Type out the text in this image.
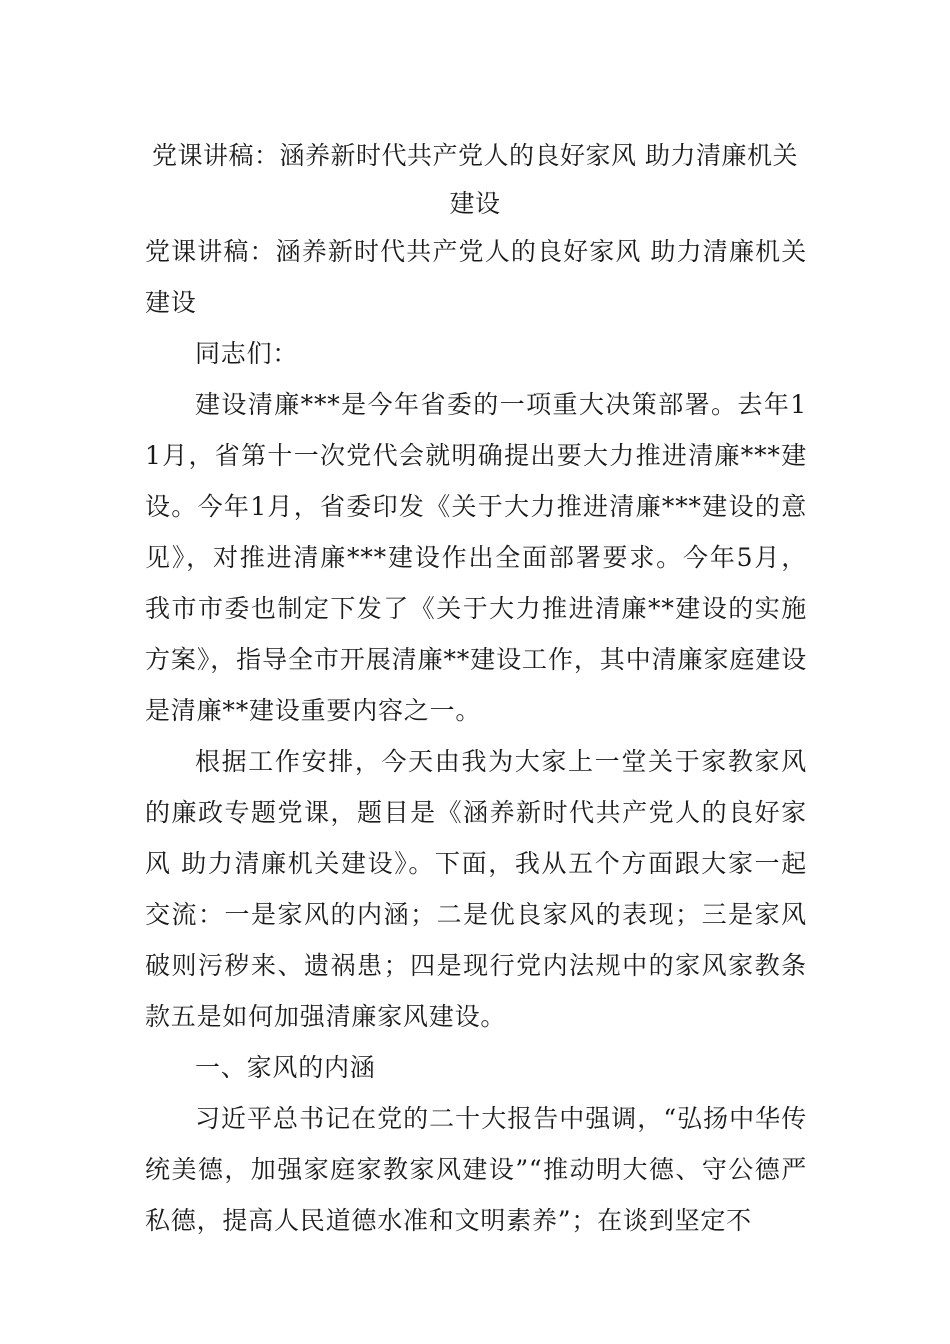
党课讲稿：涵养新时代共产党人的良好家风 助力清廉机关建设

党课讲稿：涵养新时代共产党人的良好家风 助力清廉机关建设

同志们：

建设清廉***是今年省委的一项重大决策部署。去年11月，省第十一次党代会就明确提出要大力推进清廉***建设。今年1月，省委印发《关于大力推进清廉***建设的意见》，对推进清廉***建设作出全面部署要求。今年5月，我市市委也制定下发了《关于大力推进清廉**建设的实施方案》，指导全市开展清廉**建设工作，其中清廉家庭建设是清廉**建设重要内容之一。

根据工作安排，今天由我为大家上一堂关于家教家风的廉政专题党课，题目是《涵养新时代共产党人的良好家风 助力清廉机关建设》。下面，我从五个方面跟大家一起交流：一是家风的内涵；二是优良家风的表现；三是家风破则污秽来、遗祸患；四是现行党内法规中的家风家教条款五是如何加强清廉家风建设。

一、家风的内涵

习近平总书记在党的二十大报告中强调，“弘扬中华传统美德，加强家庭家教家风建设”“推动明大德、守公德严私德，提高人民道德水准和文明素养”；在谈到坚定不
